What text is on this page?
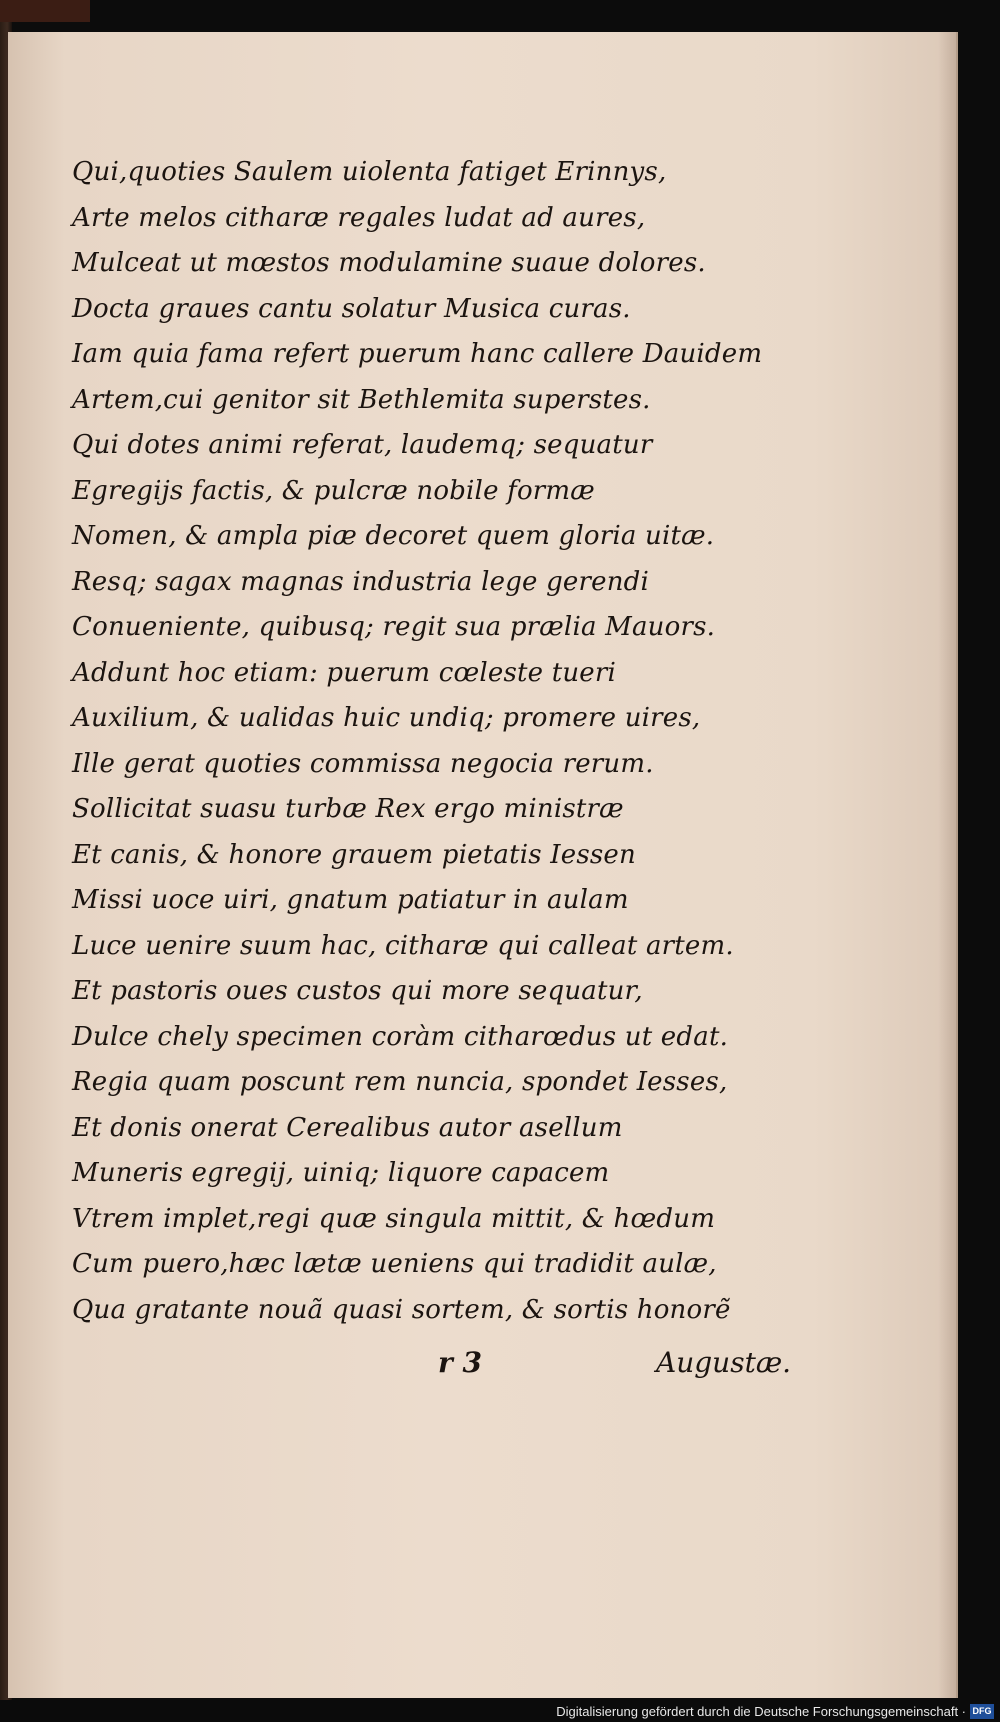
Qui,quoties Saulem uiolenta fatiget Erinnys,
Arte melos citharæ regales ludat ad aures,
Mulceat ut mœstos modulamine suaue dolores.
Docta graues cantu solatur Musica curas.
Iam quia fama refert puerum hanc callere Dauidem
Artem,cui genitor sit Bethlemita superstes.
Qui dotes animi referat, laudemq; sequatur
Egregijs factis, & pulcræ nobile formæ
Nomen, & ampla piæ decoret quem gloria uitæ.
Resq; sagax magnas industria lege gerendi
Conueniente, quibusq; regit sua prælia Mauors.
Addunt hoc etiam: puerum cœleste tueri
Auxilium, & ualidas huic undiq; promere uires,
Ille gerat quoties commissa negocia rerum.
Sollicitat suasu turbæ Rex ergo ministræ
Et canis, & honore grauem pietatis Iessen
Missi uoce uiri, gnatum patiatur in aulam
Luce uenire suum hac, citharæ qui calleat artem.
Et pastoris oues custos qui more sequatur,
Dulce chely specimen coràm citharœdus ut edat.
Regia quam poscunt rem nuncia, spondet Iesses,
Et donis onerat Cerealibus autor asellum
Muneris egregij, uiniq; liquore capacem
Vtrem implet,regi quæ singula mittit, & hœdum
Cum puero,hæc lætæ ueniens qui tradidit aulæ,
Qua gratante nouã quasi sortem, & sortis honorẽ
r 3	Augustæ.
Digitalisierung gefördert durch die Deutsche Forschungsgemeinschaft · DFG
